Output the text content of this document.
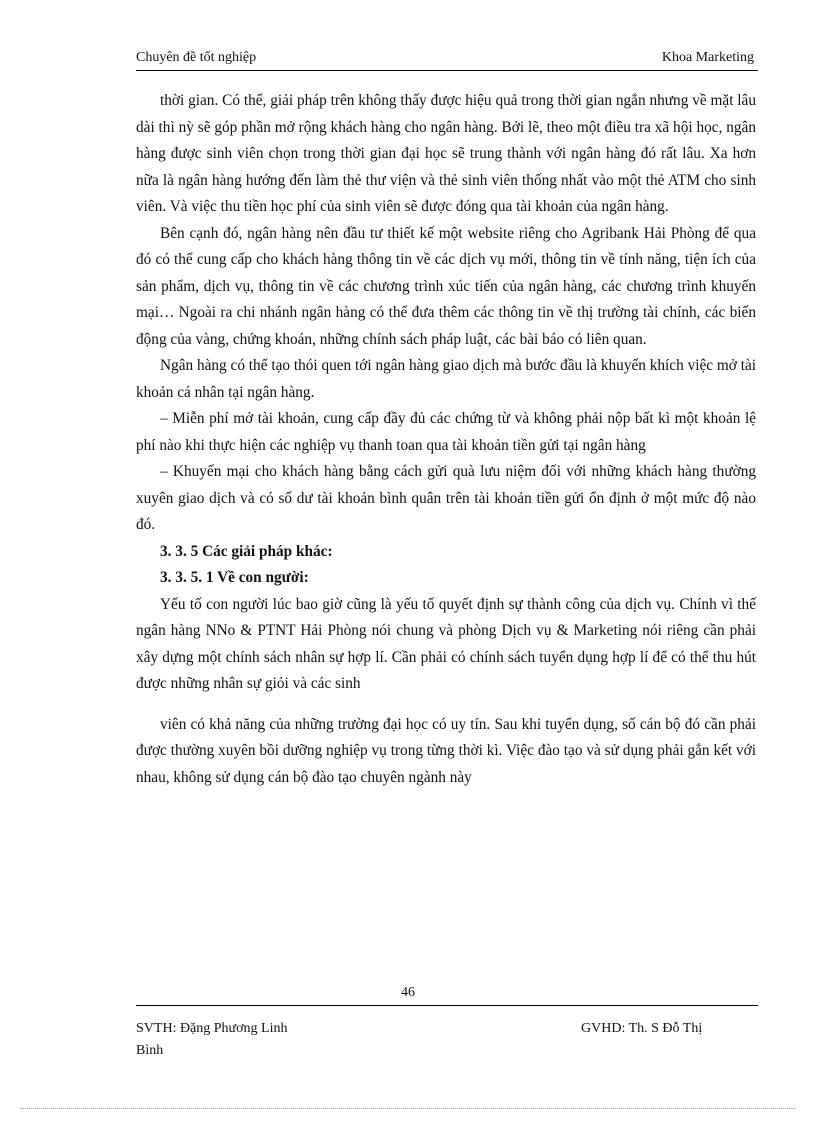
Chuyên đề tốt nghiệp	Khoa Marketing

thời gian. Có thể, giải pháp trên không thấy được hiệu quả trong thời gian ngắn nhưng về mặt lâu dài thì nỳ sẽ góp phần mở rộng khách hàng cho ngân hàng. Bởi lẽ, theo một điều tra xã hội học, ngân hàng được sinh viên chọn trong thời gian đại học sẽ trung thành với ngân hàng đó rất lâu. Xa hơn nữa là ngân hàng hướng đến làm thẻ thư viện và thẻ sinh viên thống nhất vào một thẻ ATM cho sinh viên. Và việc thu tiền học phí của sinh viên sẽ được đóng qua tài khoản của ngân hàng.

Bên cạnh đó, ngân hàng nên đầu tư thiết kế một website riêng cho Agribank Hải Phòng để qua đó có thể cung cấp cho khách hàng thông tin về các dịch vụ mới, thông tin về tính năng, tiện ích của sản phẩm, dịch vụ, thông tin về các chương trình xúc tiến của ngân hàng, các chương trình khuyến mại… Ngoài ra chi nhánh ngân hàng có thể đưa thêm các thông tin về thị trường tài chính, các biến động của vàng, chứng khoán, những chính sách pháp luật, các bài báo có liên quan.

Ngân hàng có thể tạo thói quen tới ngân hàng giao dịch mà bước đầu là khuyến khích việc mở tài khoản cá nhân tại ngân hàng.

– Miễn phí mở tài khoản, cung cấp đầy đủ các chứng từ và không phải nộp bất kì một khoản lệ phí nào khi thực hiện các nghiệp vụ thanh toan qua tài khoản tiền gửi tại ngân hàng

– Khuyến mại cho khách hàng bằng cách gửi quà lưu niệm đối với những khách hàng thường xuyên giao dịch và có số dư tài khoản bình quân trên tài khoản tiền gửi ổn định ở một mức độ nào đó.

3. 3. 5 Các giải pháp khác:
3. 3. 5. 1 Về con người:

Yếu tố con người lúc bao giờ cũng là yếu tố quyết định sự thành công của dịch vụ. Chính vì thế ngân hàng NNo & PTNT Hải Phòng nói chung và phòng Dịch vụ & Marketing nói riêng cần phải xây dựng một chính sách nhân sự hợp lí. Cần phải có chính sách tuyển dụng hợp lí để có thể thu hút được những nhân sự giỏi và các sinh

viên có khả năng của những trường đại học có uy tín. Sau khi tuyển dụng, số cán bộ đó cần phải được thường xuyên bồi dưỡng nghiệp vụ trong từng thời kì. Việc đào tạo và sử dụng phải gắn kết với nhau, không sử dụng cán bộ đào tạo chuyên ngành này

46
SVTH: Đặng Phương Linh	GVHD: Th. S Đỗ Thị
Bình
